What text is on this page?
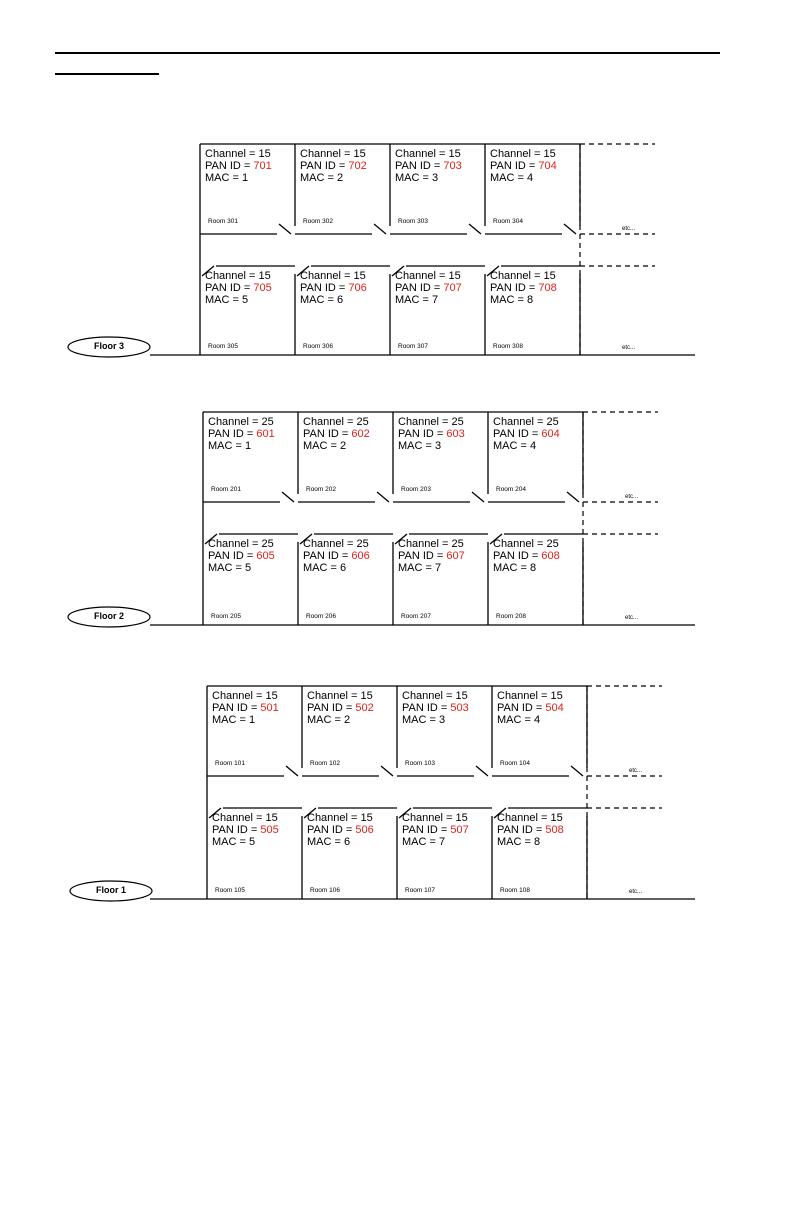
Floor 3
Channel = 15
PAN ID = 701
MAC = 1
Room 301
Channel = 15
PAN ID = 702
MAC = 2
Room 302
Channel = 15
PAN ID = 703
MAC = 3
Room 303
Channel = 15
PAN ID = 704
MAC = 4
Room 304
Channel = 15
PAN ID = 705
MAC = 5
Room 305
Channel = 15
PAN ID = 706
MAC = 6
Room 306
Channel = 15
PAN ID = 707
MAC = 7
Room 307
Channel = 15
PAN ID = 708
MAC = 8
Room 308
etc...
etc...
Floor 2
Channel = 25
PAN ID = 601
MAC = 1
Room 201
Channel = 25
PAN ID = 602
MAC = 2
Room 202
Channel = 25
PAN ID = 603
MAC = 3
Room 203
Channel = 25
PAN ID = 604
MAC = 4
Room 204
Channel = 25
PAN ID = 605
MAC = 5
Room 205
Channel = 25
PAN ID = 606
MAC = 6
Room 206
Channel = 25
PAN ID = 607
MAC = 7
Room 207
Channel = 25
PAN ID = 608
MAC = 8
Room 208
etc...
etc...
Floor 1
Channel = 15
PAN ID = 501
MAC = 1
Room 101
Channel = 15
PAN ID = 502
MAC = 2
Room 102
Channel = 15
PAN ID = 503
MAC = 3
Room 103
Channel = 15
PAN ID = 504
MAC = 4
Room 104
Channel = 15
PAN ID = 505
MAC = 5
Room 105
Channel = 15
PAN ID = 506
MAC = 6
Room 106
Channel = 15
PAN ID = 507
MAC = 7
Room 107
Channel = 15
PAN ID = 508
MAC = 8
Room 108
etc...
etc...
